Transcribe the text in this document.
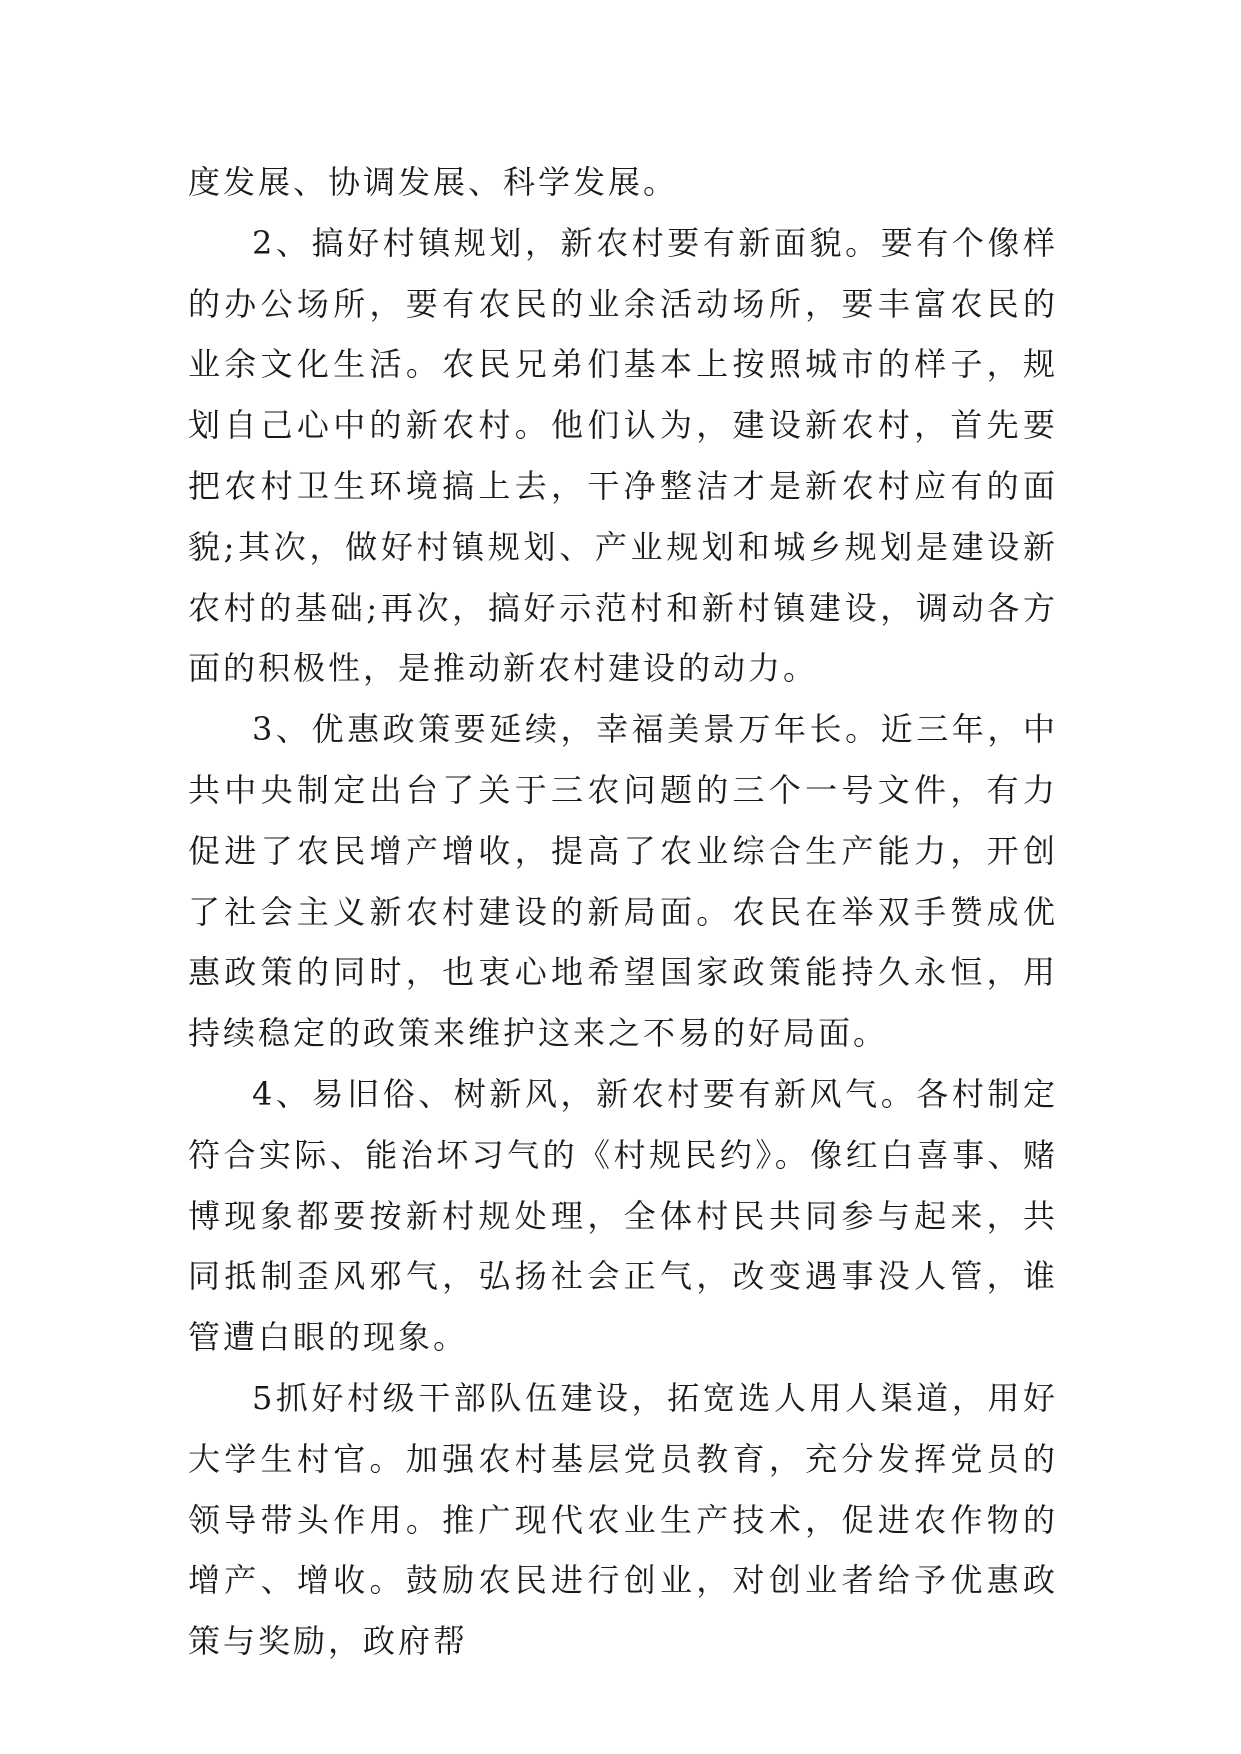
度发展、协调发展、科学发展。

2、搞好村镇规划，新农村要有新面貌。要有个像样的办公场所，要有农民的业余活动场所，要丰富农民的业余文化生活。农民兄弟们基本上按照城市的样子，规划自己心中的新农村。他们认为，建设新农村，首先要把农村卫生环境搞上去，干净整洁才是新农村应有的面貌;其次，做好村镇规划、产业规划和城乡规划是建设新农村的基础;再次，搞好示范村和新村镇建设，调动各方面的积极性，是推动新农村建设的动力。

3、优惠政策要延续，幸福美景万年长。近三年，中共中央制定出台了关于三农问题的三个一号文件，有力促进了农民增产增收，提高了农业综合生产能力，开创了社会主义新农村建设的新局面。农民在举双手赞成优惠政策的同时，也衷心地希望国家政策能持久永恒，用持续稳定的政策来维护这来之不易的好局面。

4、易旧俗、树新风，新农村要有新风气。各村制定符合实际、能治坏习气的《村规民约》。像红白喜事、赌博现象都要按新村规处理，全体村民共同参与起来，共同抵制歪风邪气，弘扬社会正气，改变遇事没人管，谁管遭白眼的现象。

5抓好村级干部队伍建设，拓宽选人用人渠道，用好大学生村官。加强农村基层党员教育，充分发挥党员的领导带头作用。推广现代农业生产技术，促进农作物的增产、增收。鼓励农民进行创业，对创业者给予优惠政策与奖励，政府帮
